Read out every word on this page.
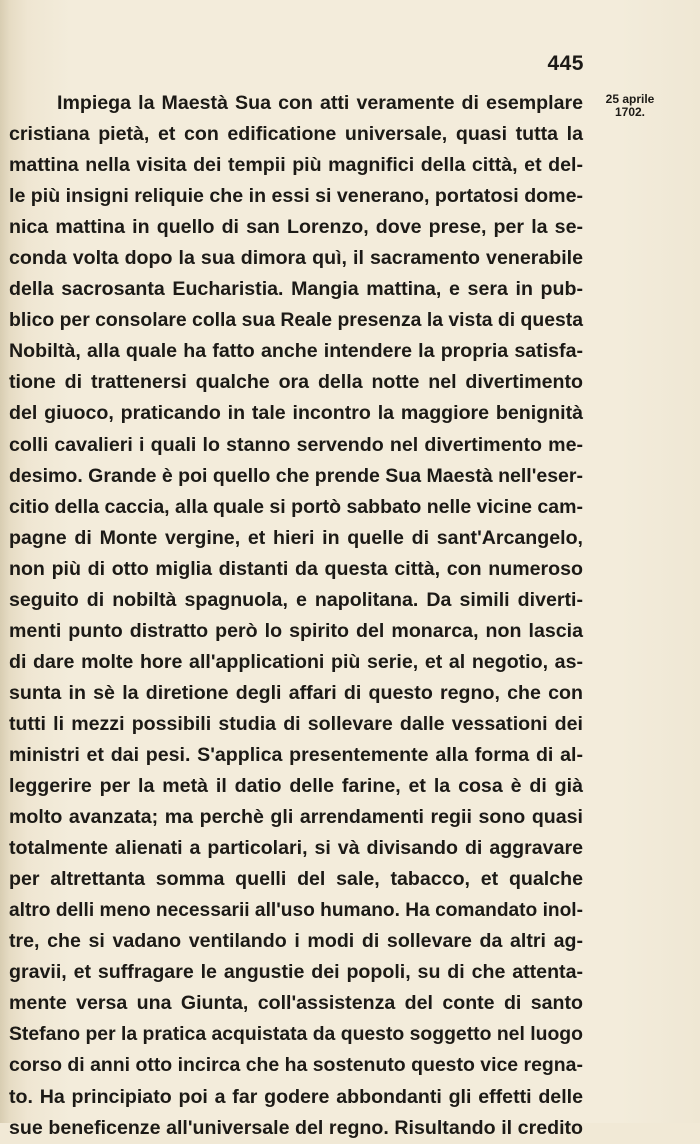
445
25 aprile
1702.
Impiega la Maestà Sua con atti veramente di esemplare
cristiana pietà, et con edificatione universale, quasi tutta la
mattina nella visita dei tempii più magnifici della città, et del-
le più insigni reliquie che in essi si venerano, portatosi dome-
nica mattina in quello di san Lorenzo, dove prese, per la se-
conda volta dopo la sua dimora quì, il sacramento venerabile
della sacrosanta Eucharistia. Mangia mattina, e sera in pub-
blico per consolare colla sua Reale presenza la vista di questa
Nobiltà, alla quale ha fatto anche intendere la propria satisfa-
tione di trattenersi qualche ora della notte nel divertimento
del giuoco, praticando in tale incontro la maggiore benignità
colli cavalieri i quali lo stanno servendo nel divertimento me-
desimo. Grande è poi quello che prende Sua Maestà nell'eser-
citio della caccia, alla quale si portò sabbato nelle vicine cam-
pagne di Monte vergine, et hieri in quelle di sant'Arcangelo,
non più di otto miglia distanti da questa città, con numeroso
seguito di nobiltà spagnuola, e napolitana. Da simili diverti-
menti punto distratto però lo spirito del monarca, non lascia
di dare molte hore all'applicationi più serie, et al negotio, as-
sunta in sè la diretione degli affari di questo regno, che con
tutti li mezzi possibili studia di sollevare dalle vessationi dei
ministri et dai pesi. S'applica presentemente alla forma di al-
leggerire per la metà il datio delle farine, et la cosa è di già
molto avanzata; ma perchè gli arrendamenti regii sono quasi
totalmente alienati a particolari, si và divisando di aggravare
per altrettanta somma quelli del sale, tabacco, et qualche
altro delli meno necessarii all'uso humano. Ha comandato inol-
tre, che si vadano ventilando i modi di sollevare da altri ag-
gravii, et suffragare le angustie dei popoli, su di che attenta-
mente versa una Giunta, coll'assistenza del conte di santo
Stefano per la pratica acquistata da questo soggetto nel luogo
corso di anni otto incirca che ha sostenuto questo vice regna-
to. Ha principiato poi a far godere abbondanti gli effetti delle
sue beneficenze all'universale del regno. Risultando il credito
